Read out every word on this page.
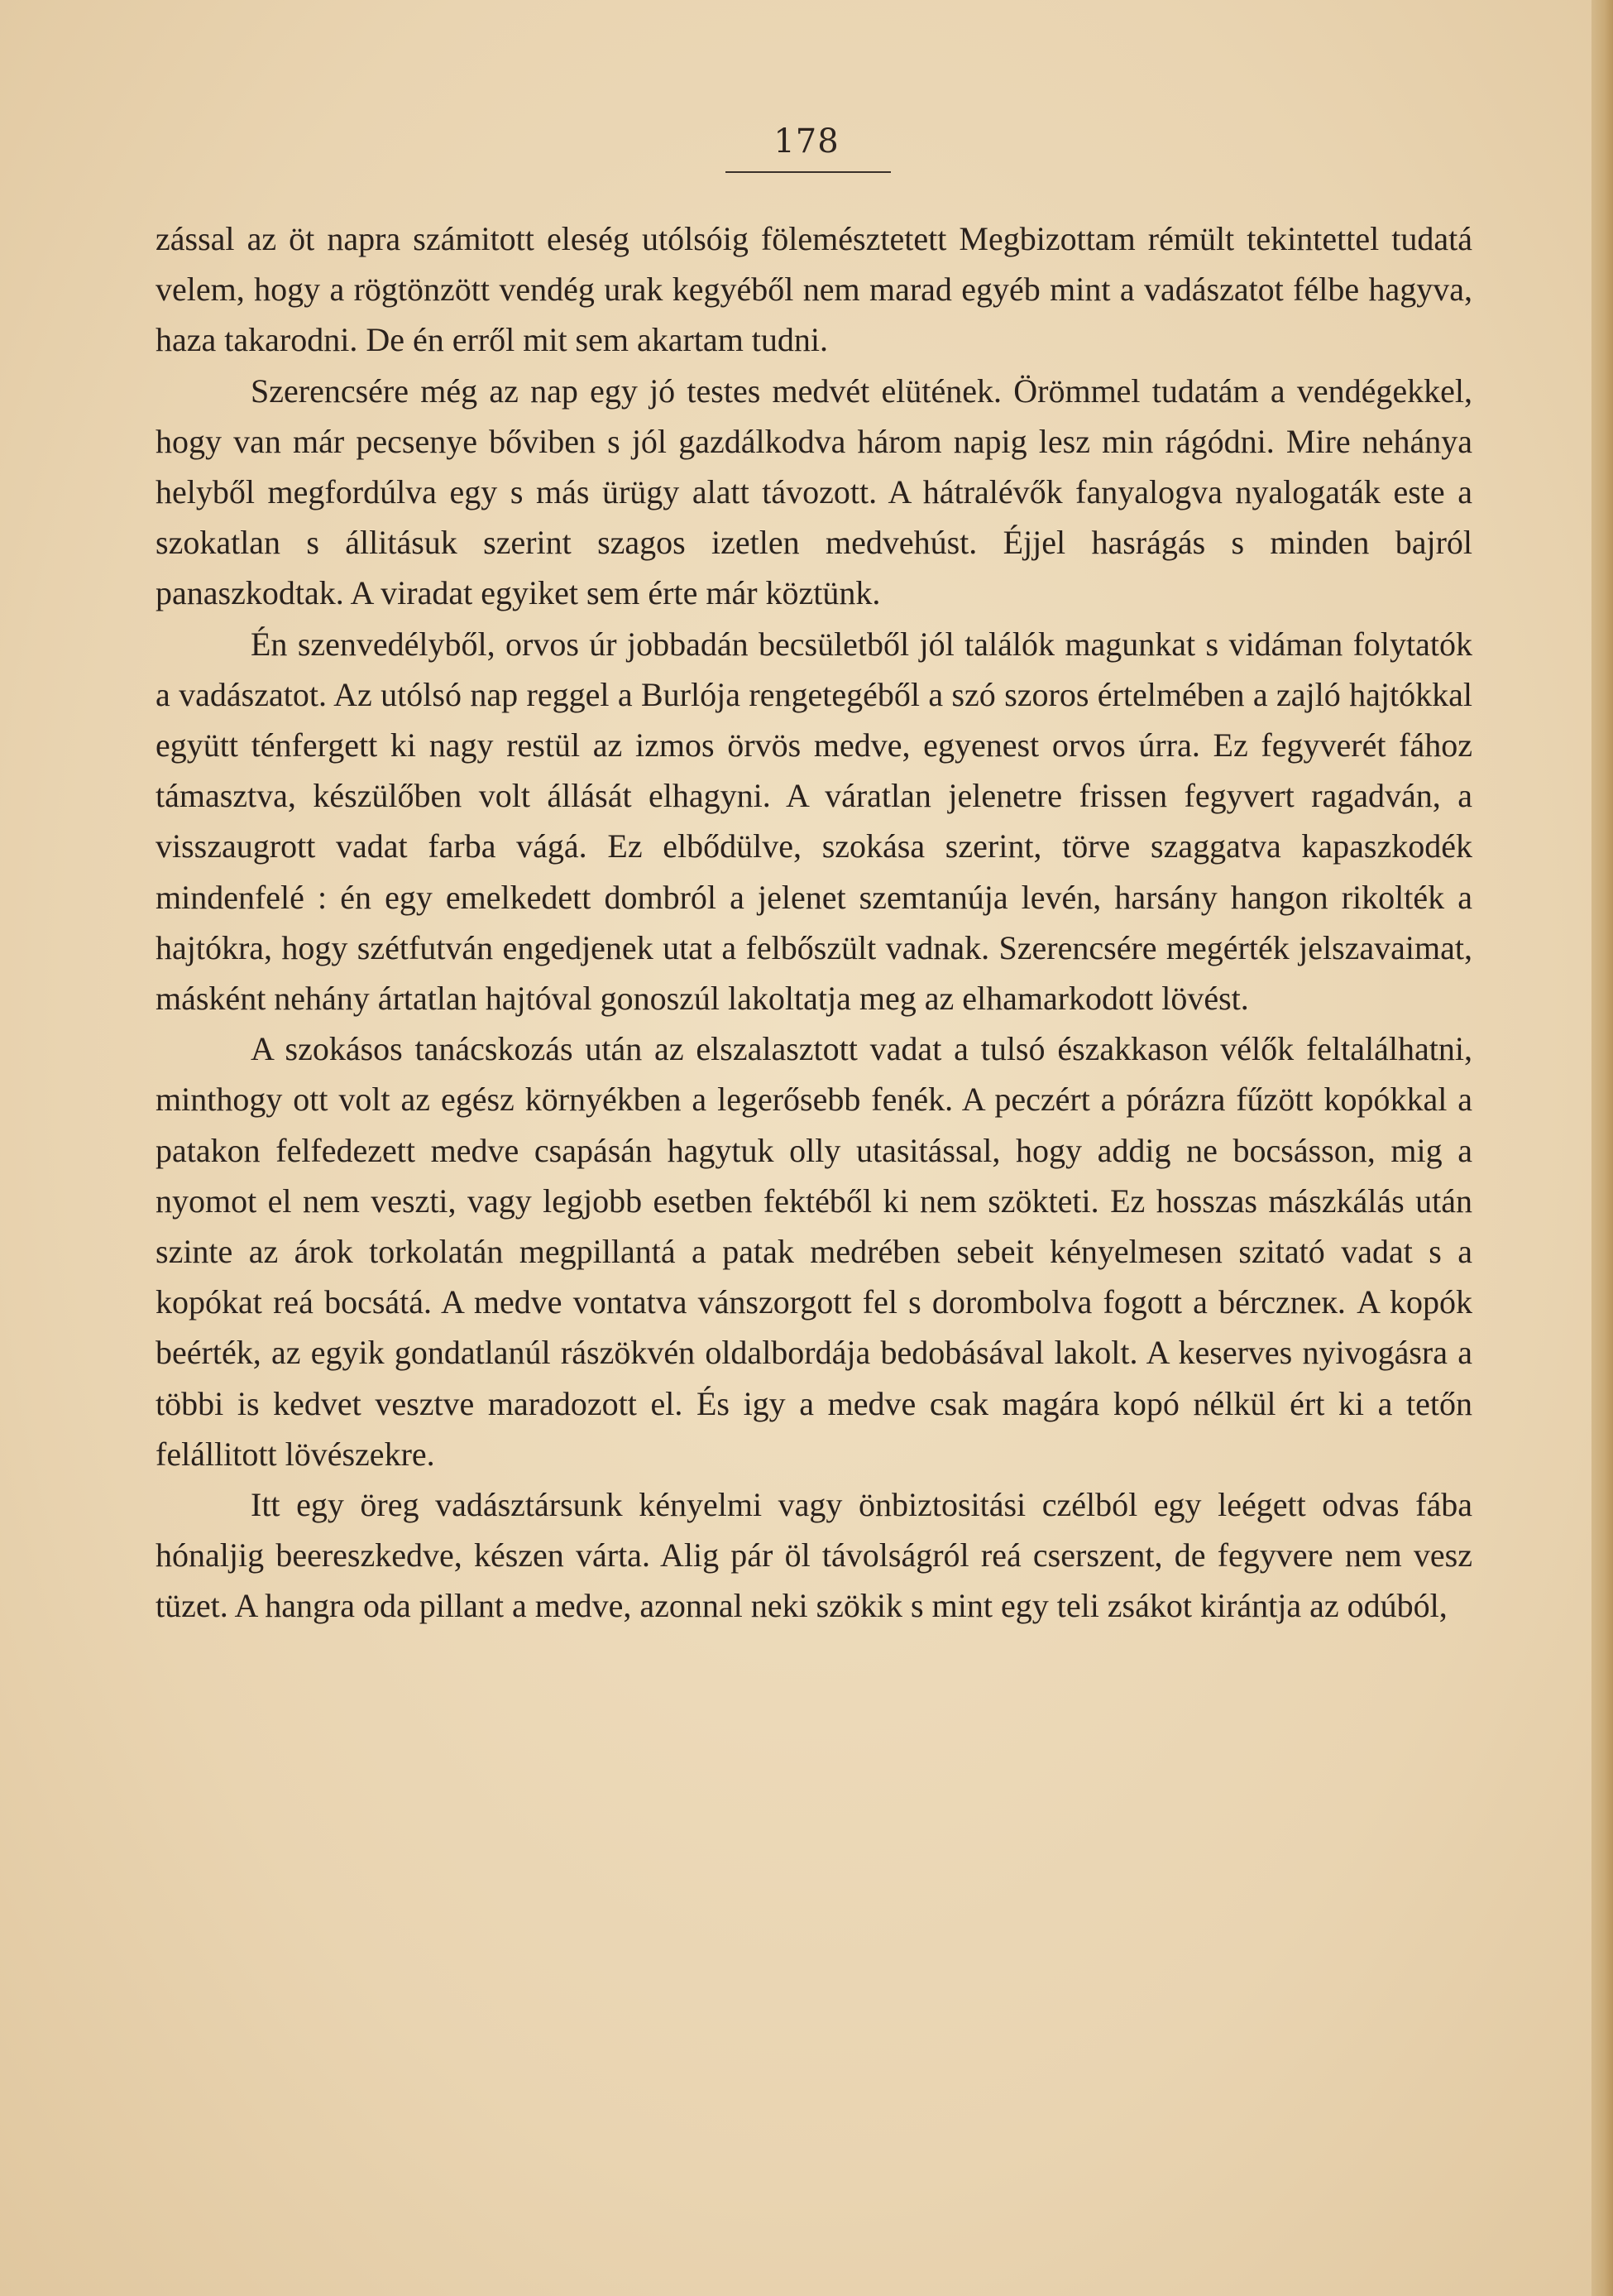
178

zással az öt napra számitott eleség utólsóig fölemésztetett Megbizottam rémült tekintettel tudatá velem, hogy a rögtönzött vendég urak kegyéből nem marad egyéb mint a vadászatot félbe hagyva, haza takarodni. De én erről mit sem akartam tudni.

Szerencsére még az nap egy jó testes medvét elütének. Örömmel tudatám a vendégekkel, hogy van már pecsenye bőviben s jól gazdálkodva három napig lesz min rágódni. Mire nehánya helyből megfordúlva egy s más ürügy alatt távozott. A hátralévők fanyalogva nyalogaták este a szokatlan s állitásuk szerint szagos izetlen medvehúst. Éjjel hasrágás s minden bajról panaszkodtak. A viradat egyiket sem érte már köztünk.

Én szenvedélyből, orvos úr jobbadán becsületből jól találók magunkat s vidáman folytatók a vadászatot. Az utólsó nap reggel a Burlója rengetegéből a szó szoros értelmében a zajló hajtókkal együtt ténfergett ki nagy restül az izmos örvös medve, egyenest orvos úrra. Ez fegyverét fához támasztva, készülőben volt állását elhagyni. A váratlan jelenetre frissen fegyvert ragadván, a visszaugrott vadat farba vágá. Ez elbődülve, szokása szerint, törve szaggatva kapaszkodék mindenfelé : én egy emelkedett dombról a jelenet szemtanúja levén, harsány hangon rikolték a hajtókra, hogy szétfutván engedjenek utat a felbőszült vadnak. Szerencsére megérték jelszavaimat, másként nehány ártatlan hajtóval gonoszúl lakoltatja meg az elhamarkodott lövést.

A szokásos tanácskozás után az elszalasztott vadat a tulsó északkason vélők feltalálhatni, minthogy ott volt az egész környékben a legerősebb fenék. A peczért a pórázra fűzött kopókkal a patakon felfedezett medve csapásán hagytuk olly utasitással, hogy addig ne bocsásson, mig a nyomot el nem veszti, vagy legjobb esetben fektéből ki nem szökteti. Ez hosszas mászkálás után szinte az árok torkolatán megpillantá a patak medrében sebeit kényelmesen szitató vadat s a kopókat reá bocsátá. A medve vontatva vánszorgott fel s dorombolva fogott a bérczneк. A kopók beérték, az egyik gondatlanúl rászökvén oldalbordája bedobásával lakolt. A keserves nyivogásra a többi is kedvet vesztve maradozott el. És igy a medve csak magára kopó nélkül ért ki a tetőn felállitott lövészekre.

Itt egy öreg vadásztársunk kényelmi vagy önbiztositási czélból egy leégett odvas fába hónaljig beereszkedve, készen várta. Alig pár öl távolságról reá cserszent, de fegyvere nem vesz tüzet. A hangra oda pillant a medve, azonnal neki szökik s mint egy teli zsákot kirántja az odúból,
